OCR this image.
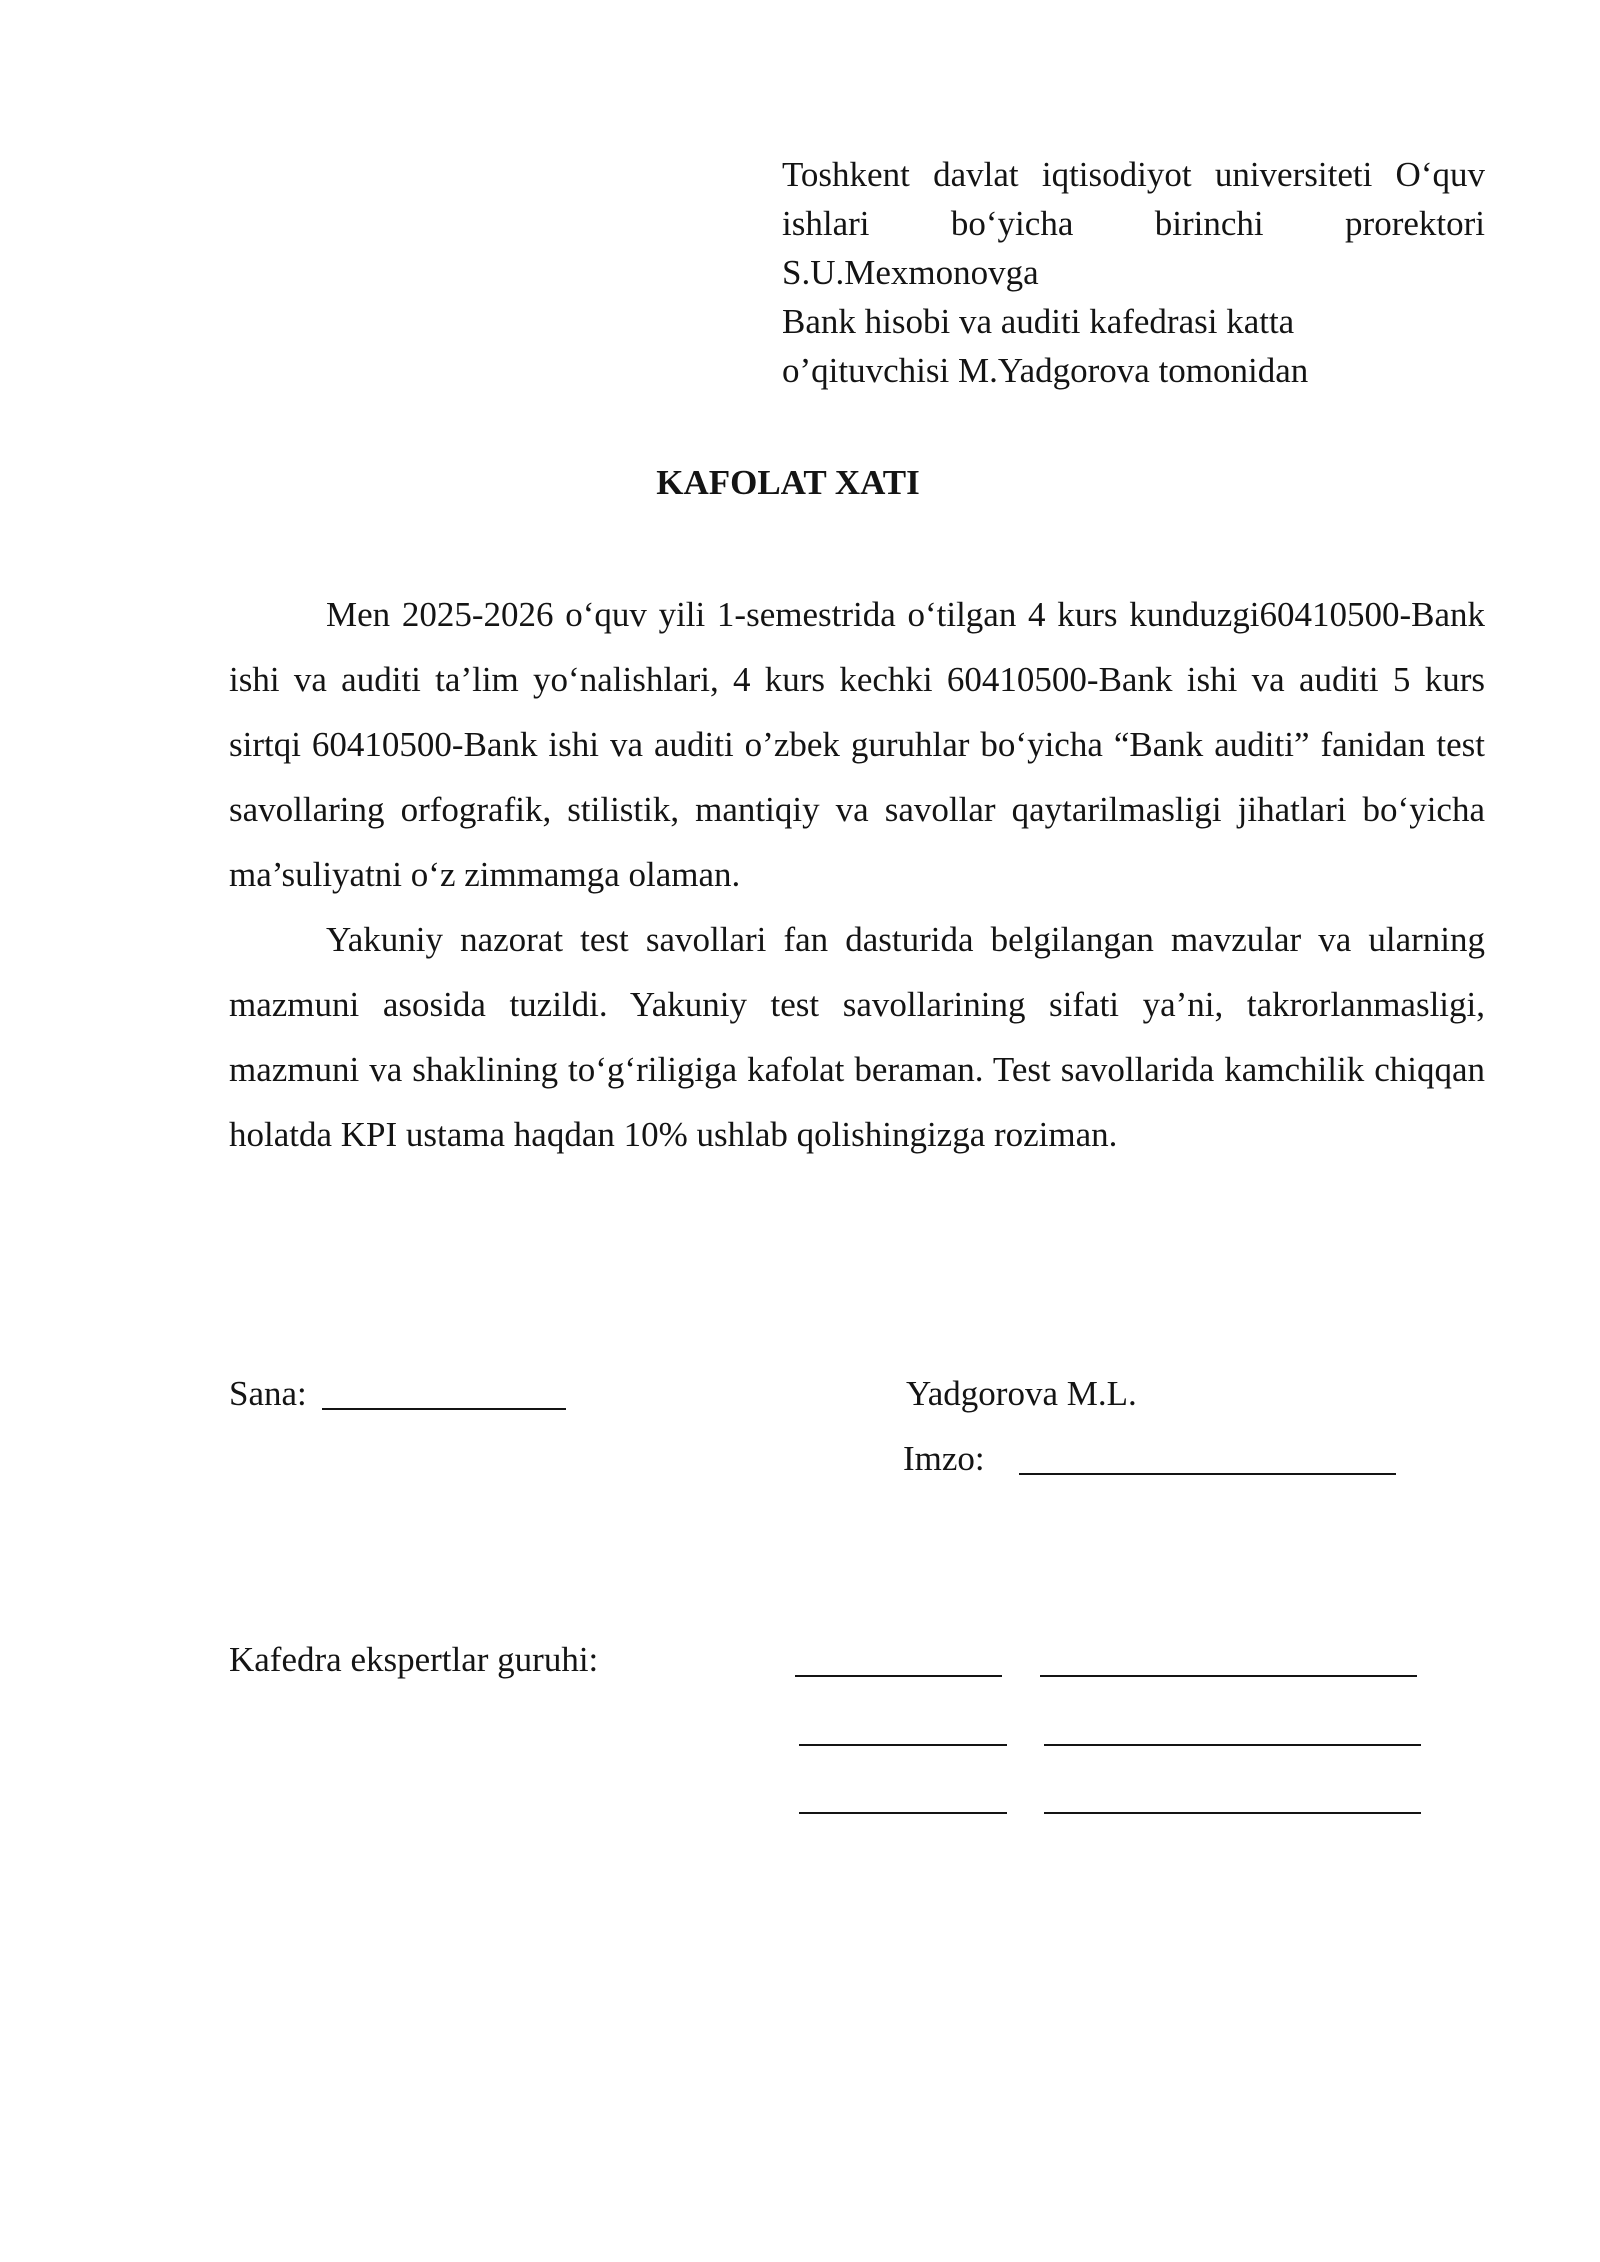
Toshkent davlat iqtisodiyot universiteti O‘quv ishlari bo‘yicha birinchi prorektori S.U.Mexmonovga
Bank hisobi va auditi kafedrasi katta
o’qituvchisi M.Yadgorova tomonidan
KAFOLAT XATI

Men 2025-2026 o‘quv yili 1-semestrida o‘tilgan 4 kurs kunduzgi60410500-Bank ishi va auditi ta’lim yo‘nalishlari, 4 kurs kechki 60410500-Bank ishi va auditi 5 kurs sirtqi 60410500-Bank ishi va auditi o’zbek guruhlar bo‘yicha “Bank auditi” fanidan test savollaring orfografik, stilistik, mantiqiy va savollar qaytarilmasligi jihatlari bo‘yicha ma’suliyatni o‘z zimmamga olaman.

Yakuniy nazorat test savollari fan dasturida belgilangan mavzular va ularning mazmuni asosida tuzildi. Yakuniy test savollarining sifati ya’ni, takrorlanmasligi, mazmuni va shaklining to‘g‘riligiga kafolat beraman. Test savollarida kamchilik chiqqan holatda KPI ustama haqdan 10% ushlab qolishingizga roziman.

Sana:	Yadgorova M.L.
Imzo:
Kafedra ekspertlar guruhi:
